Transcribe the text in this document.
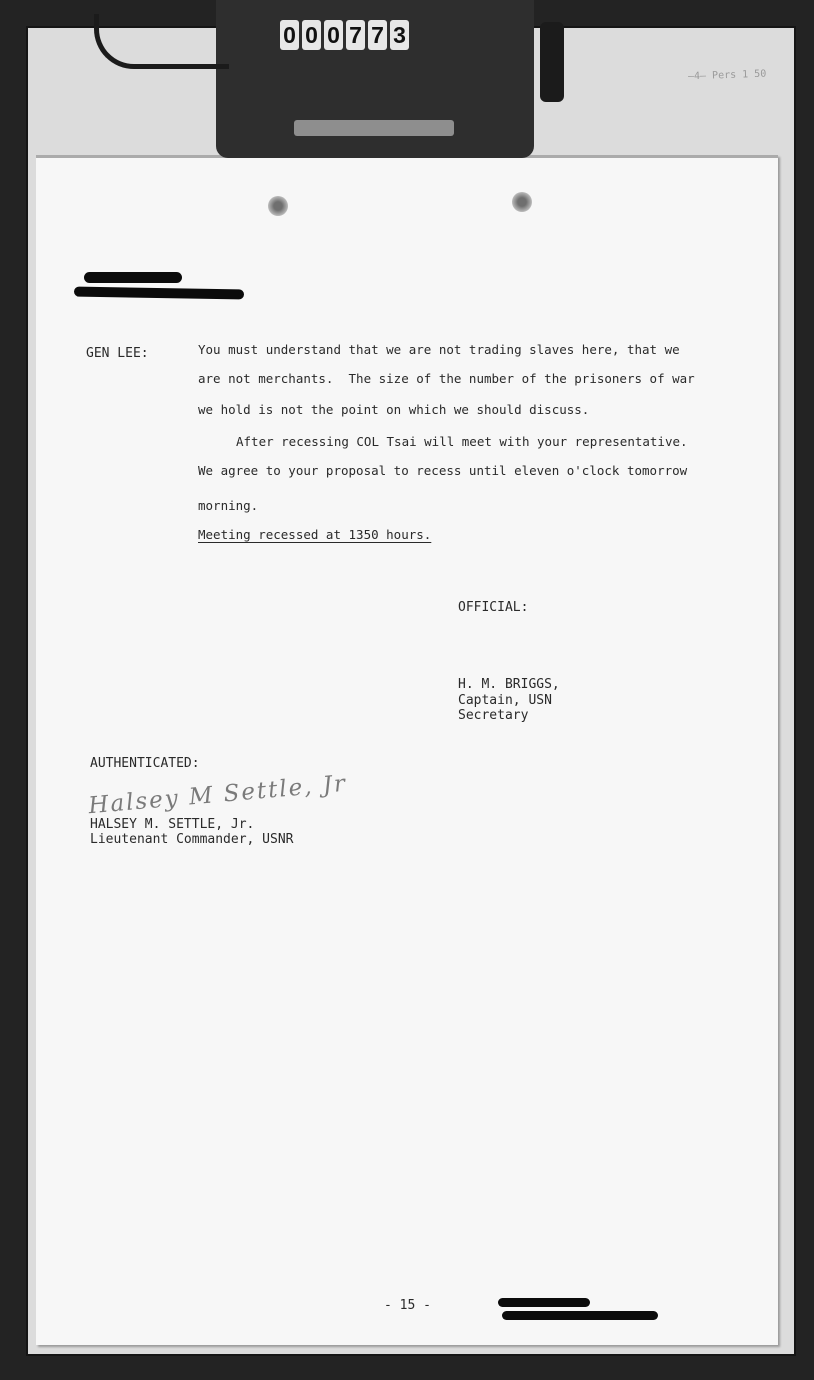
GEN LEE:	You must understand that we are not trading slaves here, that we

are not merchants.  The size of the number of the prisoners of war

we hold is not the point on which we should discuss.

After recessing COL Tsai will meet with your representative.

We agree to your proposal to recess until eleven o'clock tomorrow

morning.

Meeting recessed at 1350 hours.

OFFICIAL:

H. M. BRIGGS,

Captain, USN

Secretary

AUTHENTICATED:

HALSEY M. SETTLE, Jr.

Lieutenant Commander, USNR

- 15 -

Halsey M Settle, Jr
0 0 0 7 7 3
—4— Pers 1 50
